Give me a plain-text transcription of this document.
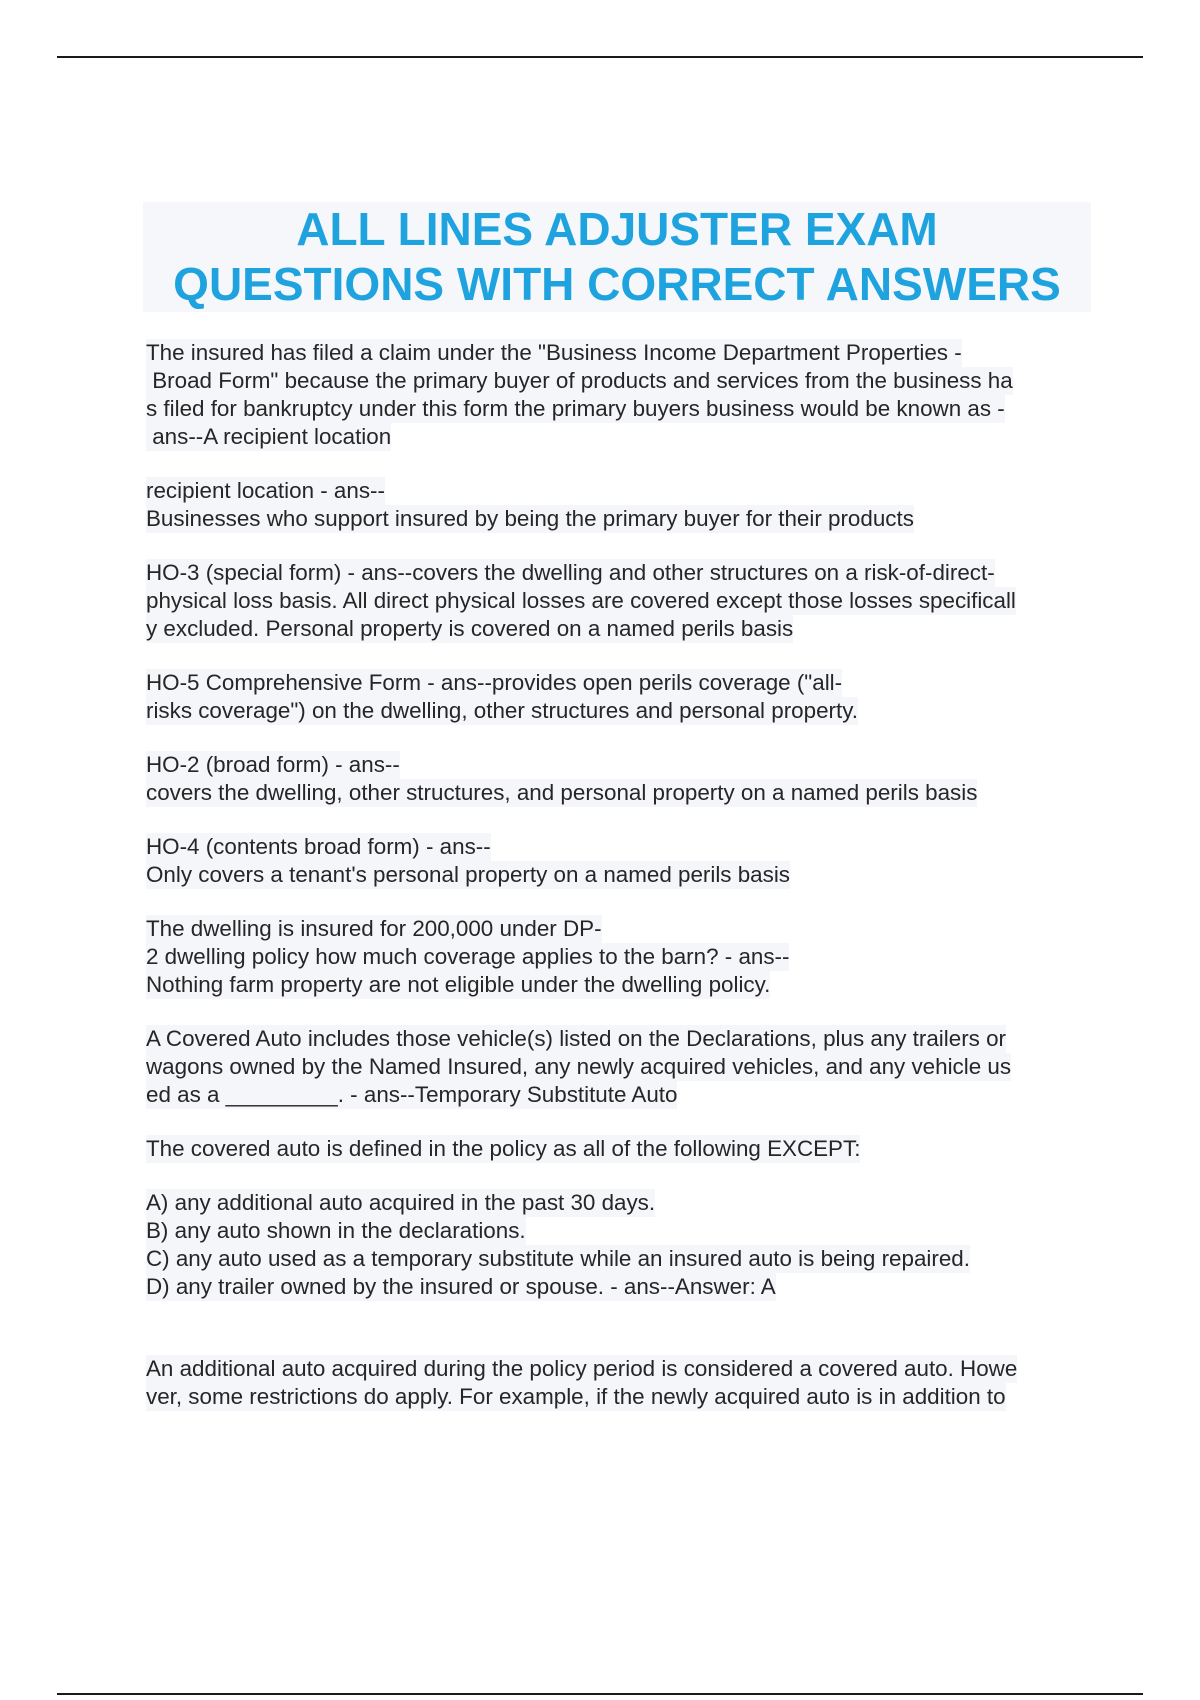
ALL LINES ADJUSTER EXAM
QUESTIONS WITH CORRECT ANSWERS
The insured has filed a claim under the "Business Income Department Properties -
Broad Form" because the primary buyer of products and services from the business ha
s filed for bankruptcy under this form the primary buyers business would be known as -
ans--A recipient location
recipient location - ans--
Businesses who support insured by being the primary buyer for their products
HO-3 (special form) - ans--covers the dwelling and other structures on a risk-of-direct-
physical loss basis. All direct physical losses are covered except those losses specificall
y excluded. Personal property is covered on a named perils basis
HO-5 Comprehensive Form - ans--provides open perils coverage ("all-
risks coverage") on the dwelling, other structures and personal property.
HO-2 (broad form) - ans--
covers the dwelling, other structures, and personal property on a named perils basis
HO-4 (contents broad form) - ans--
Only covers a tenant's personal property on a named perils basis
The dwelling is insured for 200,000 under DP-
2 dwelling policy how much coverage applies to the barn? - ans--
Nothing farm property are not eligible under the dwelling policy.
A Covered Auto includes those vehicle(s) listed on the Declarations, plus any trailers or
wagons owned by the Named Insured, any newly acquired vehicles, and any vehicle us
ed as a _________. - ans--Temporary Substitute Auto
The covered auto is defined in the policy as all of the following EXCEPT:
A) any additional auto acquired in the past 30 days.
B) any auto shown in the declarations.
C) any auto used as a temporary substitute while an insured auto is being repaired.
D) any trailer owned by the insured or spouse. - ans--Answer: A
An additional auto acquired during the policy period is considered a covered auto. Howe
ver, some restrictions do apply. For example, if the newly acquired auto is in addition to
